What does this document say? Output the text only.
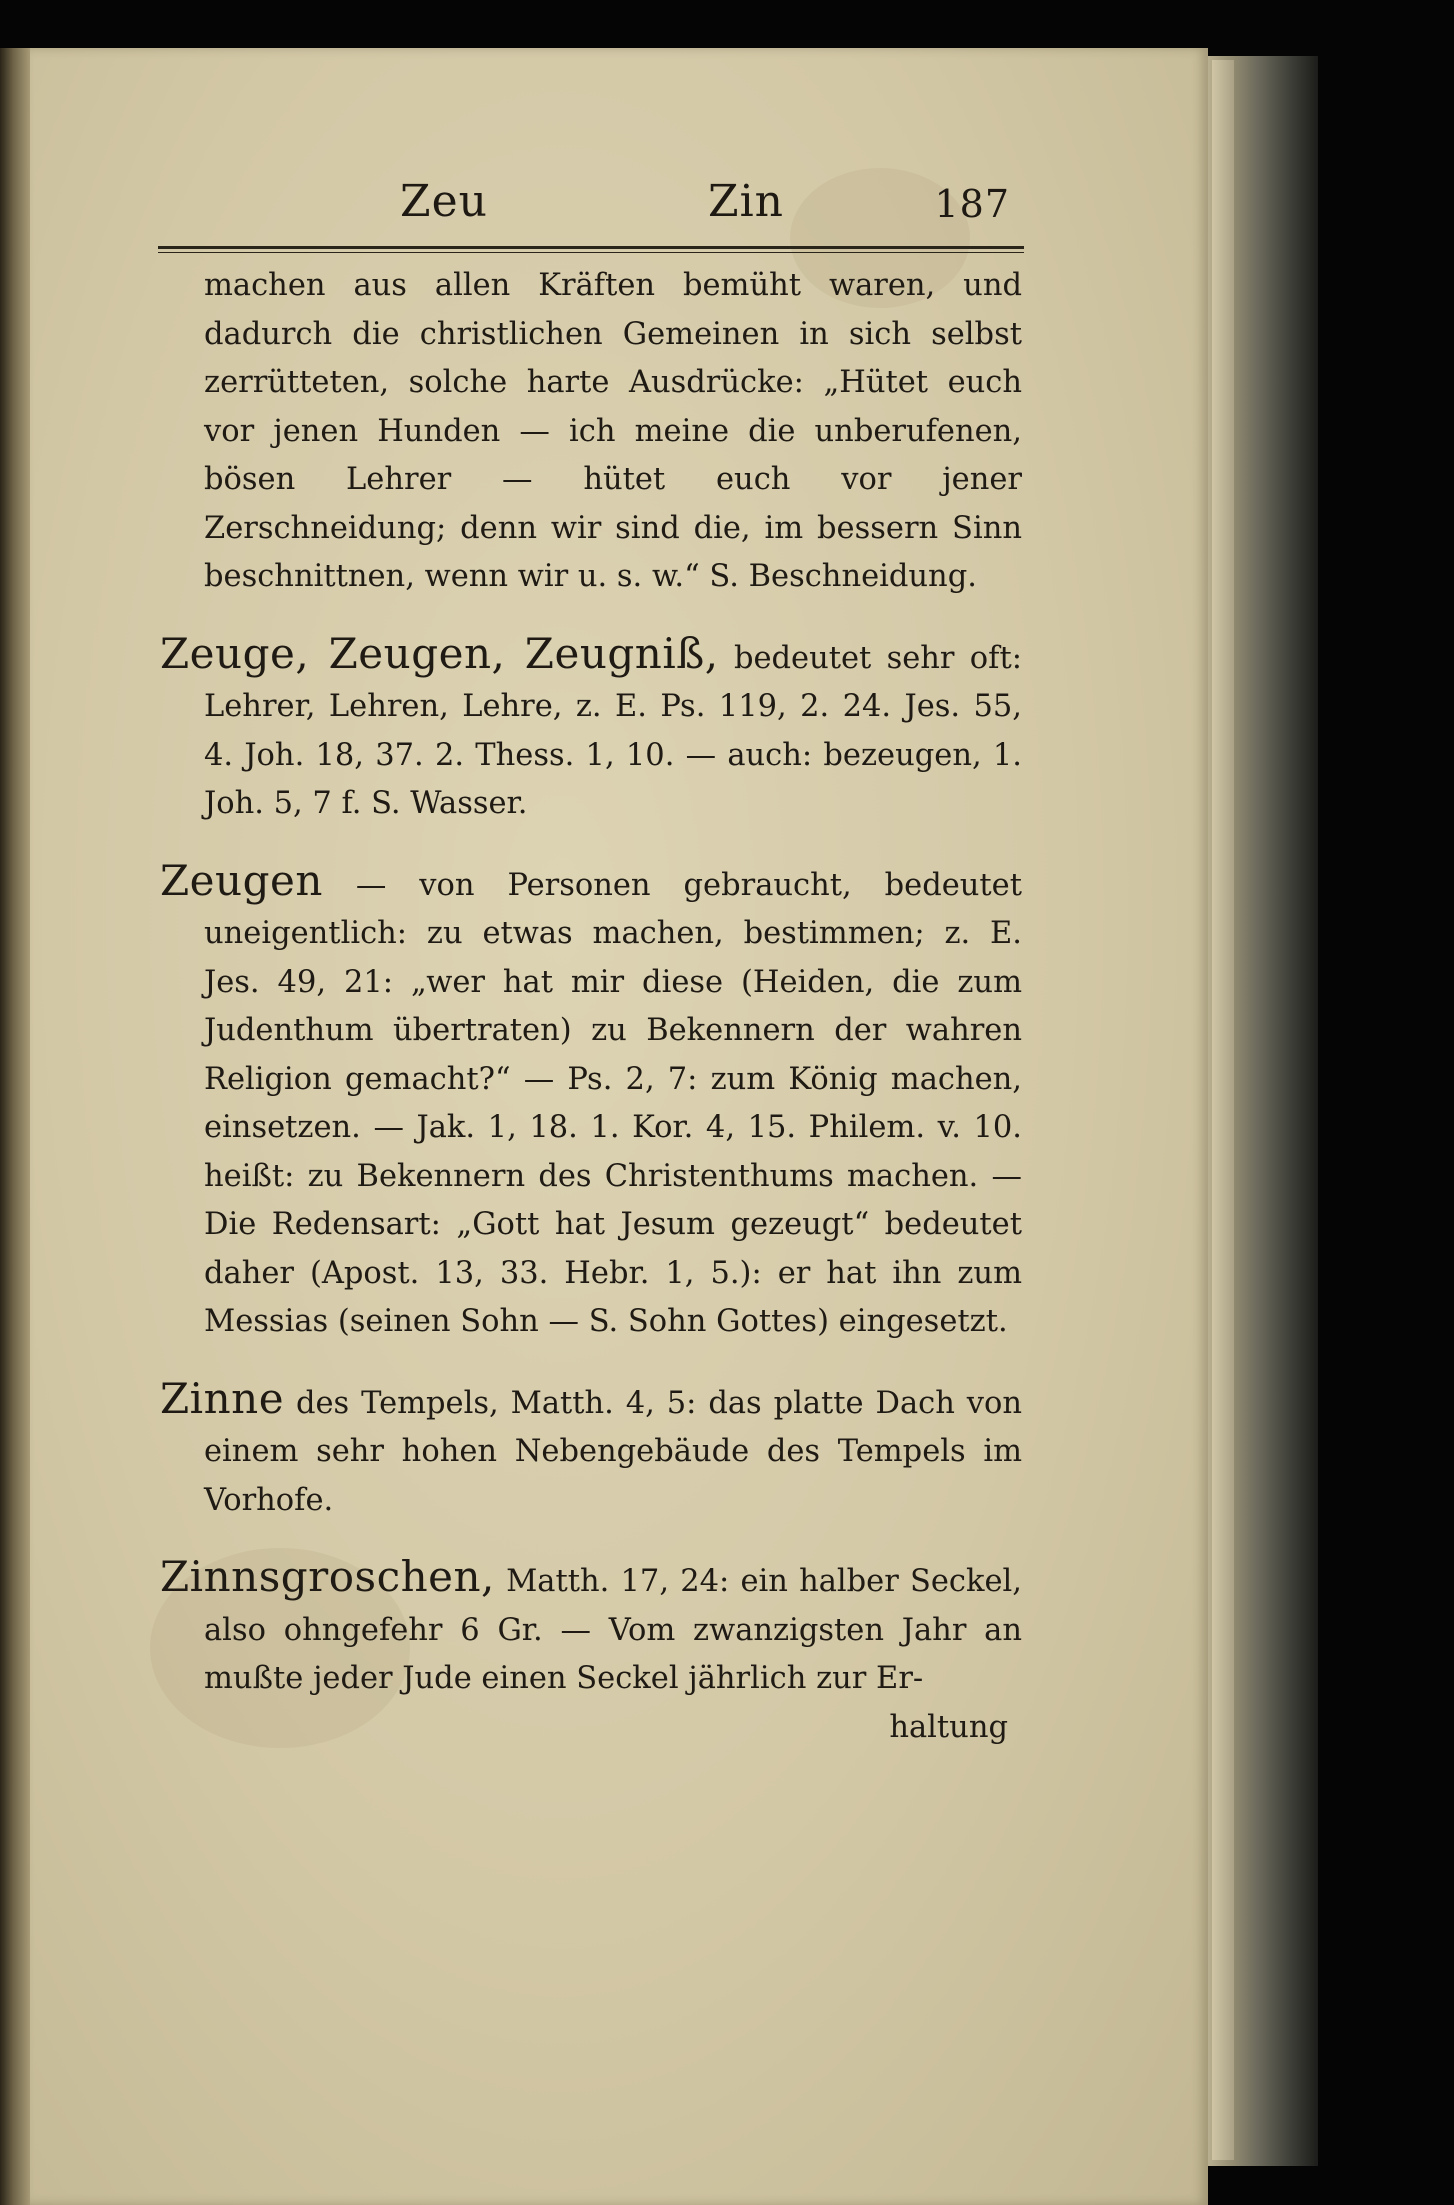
Zeu	Zin	187

machen aus allen Kräften bemüht waren, und dadurch die christlichen Gemeinen in sich selbst zerrütteten, solche harte Ausdrücke: „Hütet euch vor jenen Hunden — ich meine die unberufenen, bösen Lehrer — hütet euch vor jener Zerschneidung; denn wir sind die, im bessern Sinn beschnittnen, wenn wir u. s. w.“ S. Beschneidung.

Zeuge, Zeugen, Zeugniß, bedeutet sehr oft: Lehrer, Lehren, Lehre, z. E. Ps. 119, 2. 24. Jes. 55, 4. Joh. 18, 37. 2. Thess. 1, 10. — auch: bezeugen, 1. Joh. 5, 7 f. S. Wasser.

Zeugen — von Personen gebraucht, bedeutet uneigentlich: zu etwas machen, bestimmen; z. E. Jes. 49, 21: „wer hat mir diese (Heiden, die zum Judenthum übertraten) zu Bekennern der wahren Religion gemacht?“ — Ps. 2, 7: zum König machen, einsetzen. — Jak. 1, 18. 1. Kor. 4, 15. Philem. v. 10. heißt: zu Bekennern des Christenthums machen. — Die Redensart: „Gott hat Jesum gezeugt“ bedeutet daher (Apost. 13, 33. Hebr. 1, 5.): er hat ihn zum Messias (seinen Sohn — S. Sohn Gottes) eingesetzt.

Zinne des Tempels, Matth. 4, 5: das platte Dach von einem sehr hohen Nebengebäude des Tempels im Vorhofe.

Zinnsgroschen, Matth. 17, 24: ein halber Seckel, also ohngefehr 6 Gr. — Vom zwanzigsten Jahr an mußte jeder Jude einen Seckel jährlich zur Er-

haltung
